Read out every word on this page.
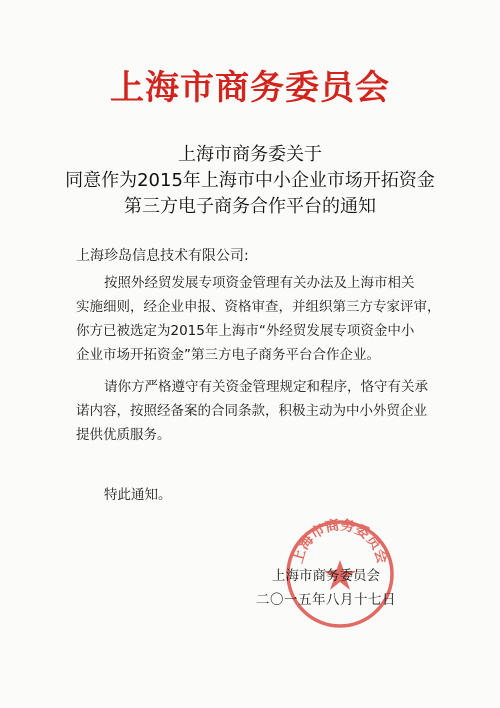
上海市商务委员会
上海市商务委关于
同意作为2015年上海市中小企业市场开拓资金
第三方电子商务合作平台的通知
上海珍岛信息技术有限公司:
按照外经贸发展专项资金管理有关办法及上海市相关
实施细则，经企业申报、资格审查，并组织第三方专家评审，
你方已被选定为2015年上海市“外经贸发展专项资金中小
企业市场开拓资金”第三方电子商务平台合作企业。
请你方严格遵守有关资金管理规定和程序，恪守有关承
诺内容，按照经备案的合同条款，积极主动为中小外贸企业
提供优质服务。
特此通知。
上海市商务委员会
上海市商务委员会
二〇一五年八月十七日
